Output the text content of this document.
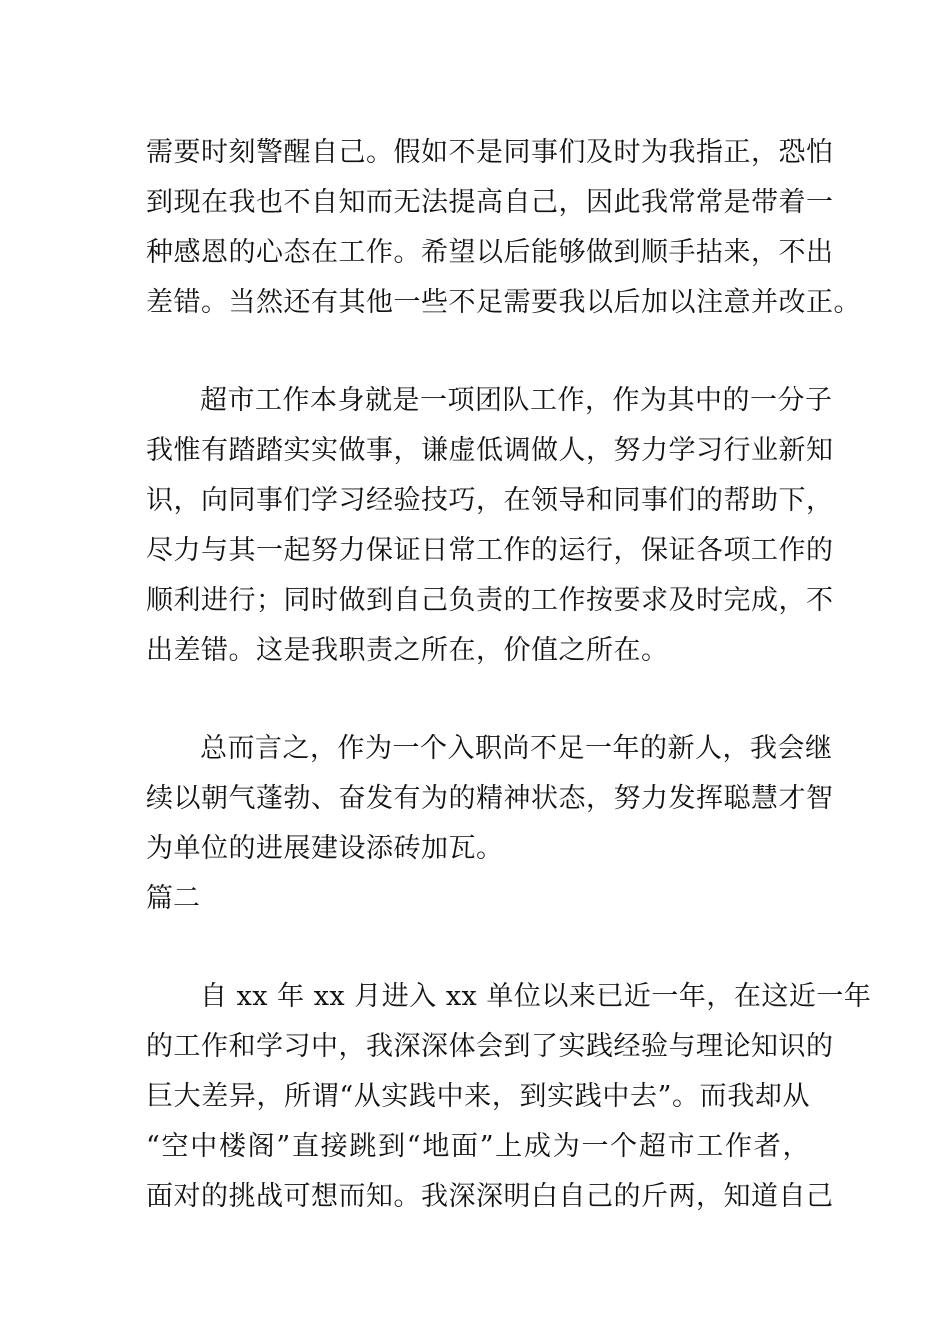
需要时刻警醒自己。假如不是同事们及时为我指正，恐怕
到现在我也不自知而无法提高自己，因此我常常是带着一
种感恩的心态在工作。希望以后能够做到顺手拈来，不出
差错。当然还有其他一些不足需要我以后加以注意并改正。
超市工作本身就是一项团队工作，作为其中的一分子
我惟有踏踏实实做事，谦虚低调做人，努力学习行业新知
识，向同事们学习经验技巧，在领导和同事们的帮助下，
尽力与其一起努力保证日常工作的运行，保证各项工作的
顺利进行；同时做到自己负责的工作按要求及时完成，不
出差错。这是我职责之所在，价值之所在。
总而言之，作为一个入职尚不足一年的新人，我会继
续以朝气蓬勃、奋发有为的精神状态，努力发挥聪慧才智
为单位的进展建设添砖加瓦。
篇二
自 xx 年 xx 月进入 xx 单位以来已近一年，在这近一年
的工作和学习中，我深深体会到了实践经验与理论知识的
巨大差异，所谓“从实践中来，到实践中去”。而我却从
“空中楼阁”直接跳到“地面”上成为一个超市工作者，
面对的挑战可想而知。我深深明白自己的斤两，知道自己
